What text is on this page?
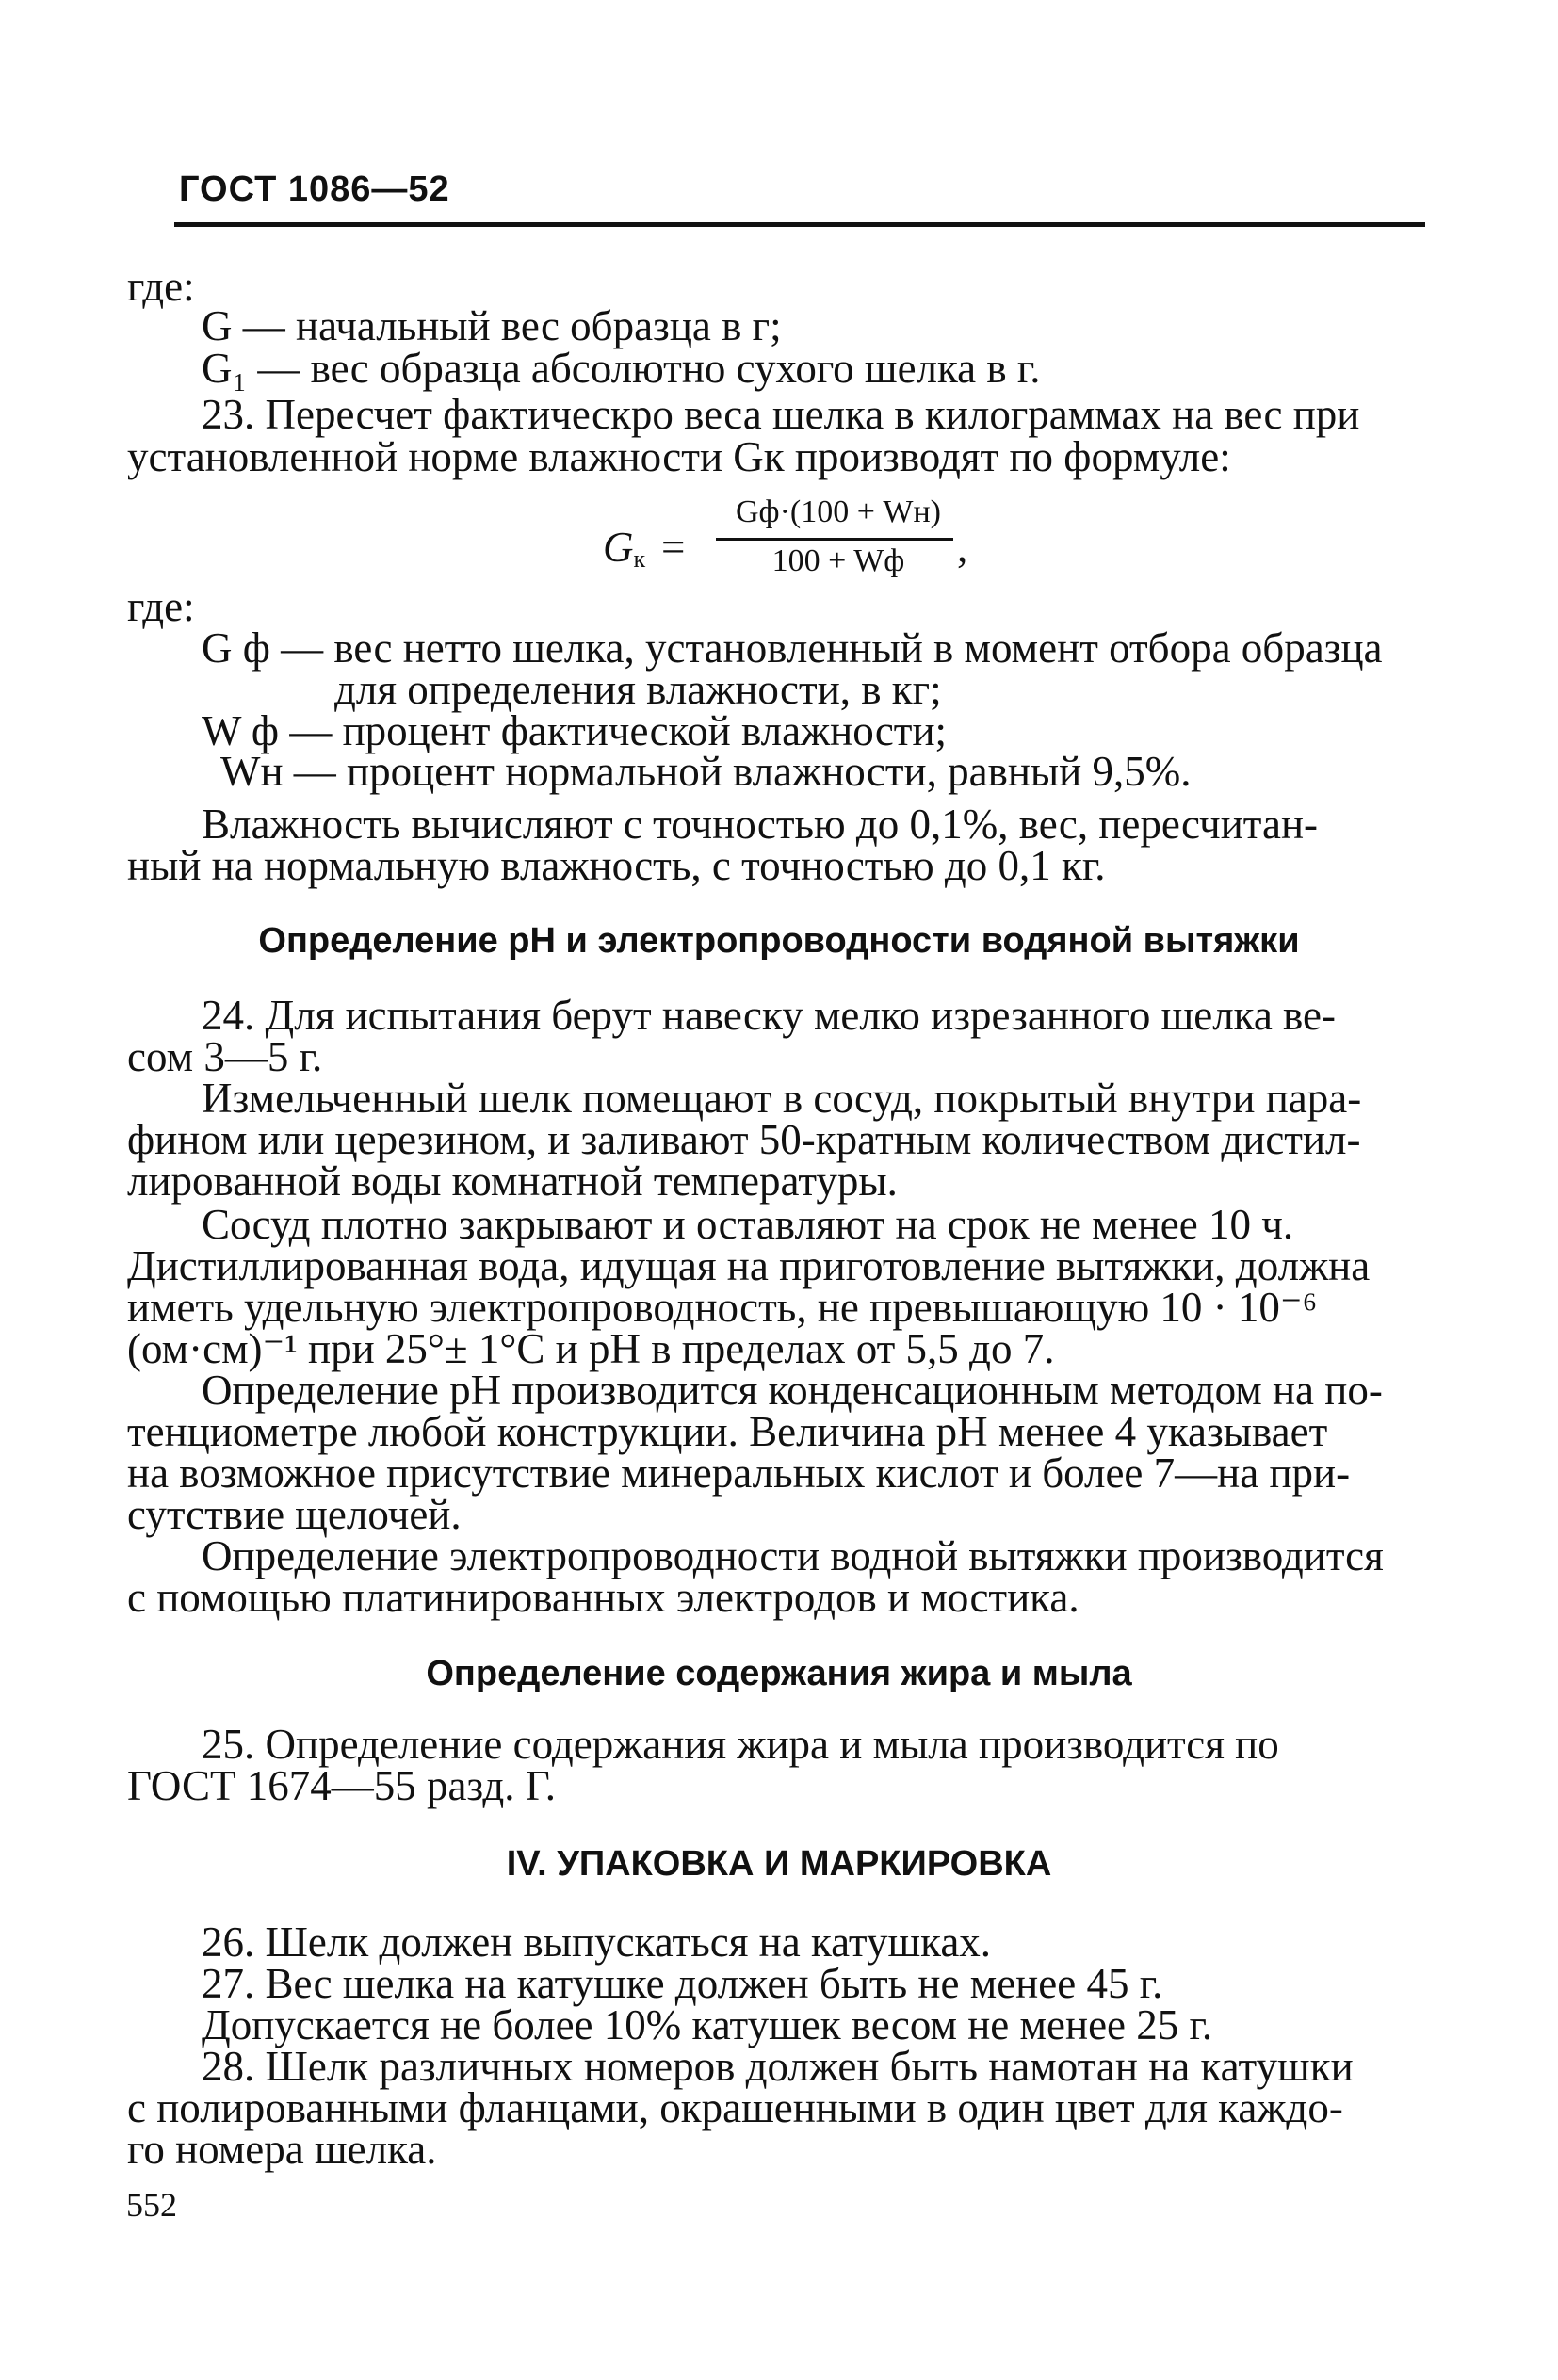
ГОСТ 1086—52
где:
G — начальный вес образца в г;
G₁ — вес образца абсолютно сухого шелка в г.
23. Пересчет фактическро веса шелка в килограммах на вес при
установленной норме влажности Gк производят по формуле:
$G_к$ =
Gф·(100 + Wн)
100 + Wф	,
где:
G ф — вес нетто шелка, установленный в момент отбора образца
для определения влажности, в кг;
W ф — процент фактической влажности;
Wн — процент нормальной влажности, равный 9,5%.
Влажность вычисляют с точностью до 0,1%, вес, пересчитан-
ный на нормальную влажность, с точностью до 0,1 кг.
Определение pH и электропроводности водяной вытяжки
24. Для испытания берут навеску мелко изрезанного шелка ве-
сом 3—5 г.
Измельченный шелк помещают в сосуд, покрытый внутри пара-
фином или церезином, и заливают 50-кратным количеством дистил-
лированной воды комнатной температуры.
Сосуд плотно закрывают и оставляют на срок не менее 10 ч.
Дистиллированная вода, идущая на приготовление вытяжки, должна
иметь удельную электропроводность, не превышающую 10 · 10⁻⁶
(ом·см)⁻¹ при 25°± 1°С и pH в пределах от 5,5 до 7.
Определение pH производится конденсационным методом на по-
тенциометре любой конструкции. Величина pH менее 4 указывает
на возможное присутствие минеральных кислот и более 7—на при-
сутствие щелочей.
Определение электропроводности водной вытяжки производится
с помощью платинированных электродов и мостика.
Определение содержания жира и мыла
25. Определение содержания жира и мыла производится по
ГОСТ 1674—55 разд. Г.
IV. УПАКОВКА И МАРКИРОВКА
26. Шелк должен выпускаться на катушках.
27. Вес шелка на катушке должен быть не менее 45 г.
Допускается не более 10% катушек весом не менее 25 г.
28. Шелк различных номеров должен быть намотан на катушки
с полированными фланцами, окрашенными в один цвет для каждо-
го номера шелка.
552
